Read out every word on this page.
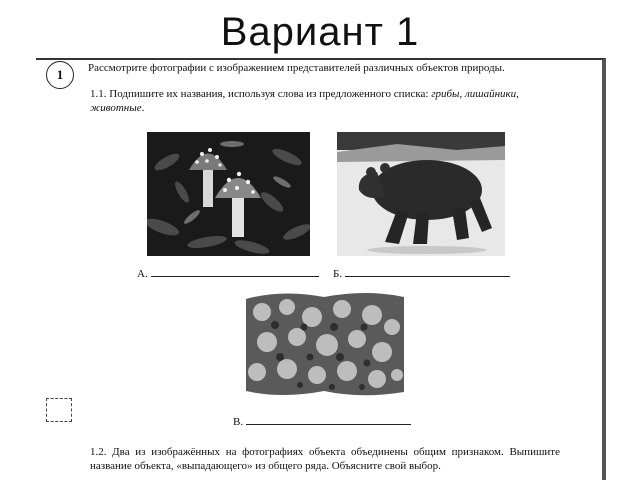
Вариант 1
1	Рассмотрите фотографии с изображением представителей различных объектов природы.
1.1. Подпишите их названия, используя слова из предложенного списка: грибы, лишайники, животные.
А.	Б.
В.
1.2. Два из изображённых на фотографиях объекта объединены общим признаком. Выпишите название объекта, «выпадающего» из общего ряда. Объясните свой выбор.
